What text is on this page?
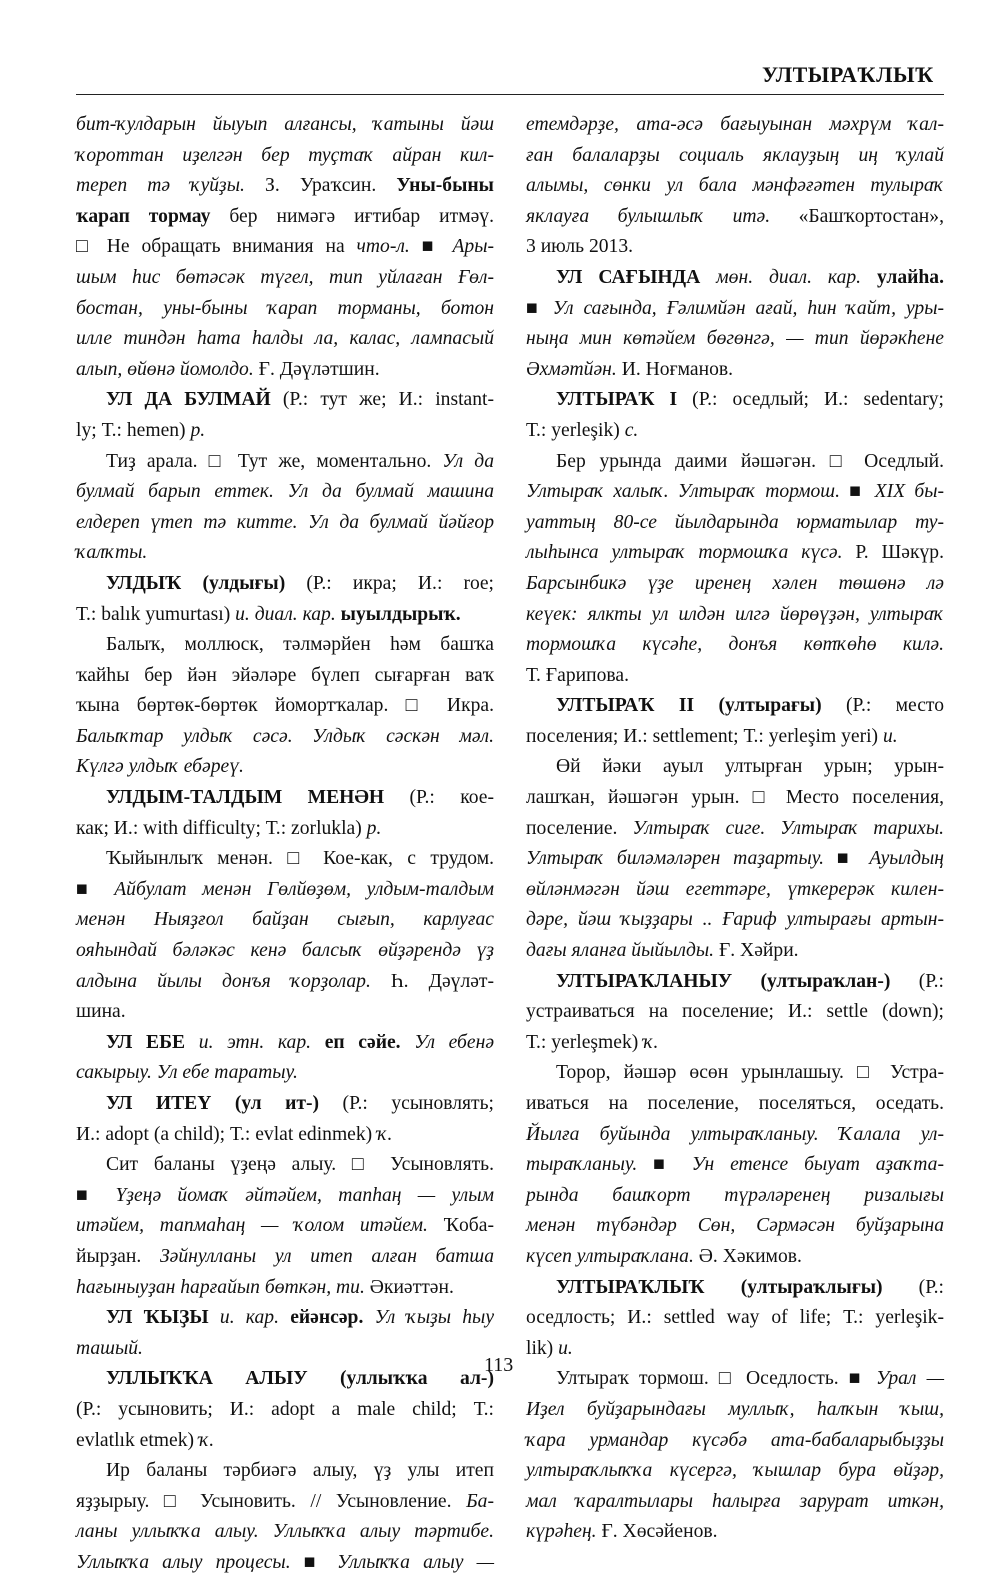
УЛТЫРАҠЛЫҠ
бит-ҡулдарын йыуып алғансы, ҡатыны йәш
ҡороттан иҙелгән бер туҫтаҡ айран кил-
тереп тә ҡуйҙы. З. Ураҡсин. Уны-быны
ҡарап тормау бер нимәгә иғтибар итмәү.
□ Не обращать внимания на что-л. ■ Ары-
шым һис бөтәсәк түгел, тип уйлаған Ғөл-
бостан, уны-быны ҡарап торманы, ботон
илле тиндән һата һалды ла, калас, лампасый
алып, өйөнә йомолдо. Ғ. Дәүләтшин.
УЛ ДА БУЛМАЙ (Р.: тут же; И.: instant-
ly; Т.: hemen) р.
Тиҙ арала. □ Тут же, моментально. Ул да
булмай барып еттек. Ул да булмай машина
елдереп үтеп тә китте. Ул да булмай йәйғор
ҡалҡты.
УЛДЫҠ (улдығы) (Р.: икра; И.: roe;
Т.: balık yumurtası) и. диал. кар. ыуылдырыҡ.
Балыҡ, моллюск, тәлмәрйен һәм башҡа
ҡайһы бер йән эйәләре бүлеп сығарған ваҡ
ҡына бөртөк-бөртөк йомортҡалар. □ Икра.
Балыҡтар улдыҡ сәсә. Улдыҡ сәскән мәл.
Күлгә улдыҡ ебәреү.
УЛДЫМ-ТАЛДЫМ МЕНӘН (Р.: кое-
как; И.: with difficulty; Т.: zorlukla) р.
Ҡыйынлыҡ менән. □ Кое-как, с трудом.
■ Айбулат менән Гөлйөҙөм, улдым-талдым
менән Ныяҙғол байҙан сығып, карлуғас
ояһындай бәләкәс кенә балсыҡ өйҙәрендә үҙ
алдына йылы донъя ҡорҙолар. Һ. Дәүләт-
шина.
УЛ ЕБЕ и. этн. кар. еп сәйе. Ул ебенә
сакырыу. Ул ебе таратыу.
УЛ ИТЕҮ (ул ит-) (Р.: усыновлять;
И.: adopt (a child); Т.: evlat edinmek) ҡ.
Сит баланы үҙеңә алыу. □ Усыновлять.
■ Үҙеңә йомаҡ әйтәйем, тапһаң — улым
итәйем, тапмаһаң — ҡолом итәйем. Ҡоба-
йырҙан. Зәйнулланы ул итеп алған батша
һағыныуҙан һарғайып бөткән, ти. Әкиәттән.
УЛ ҠЫҘЫ и. кар. ейәнсәр. Ул ҡыҙы һыу
ташый.
УЛЛЫҠҠА АЛЫУ (уллыҡҡа ал-)
(Р.: усыновить; И.: adopt a male child; Т.:
evlatlık etmek) ҡ.
Ир баланы тәрбиәгә алыу, үҙ улы итеп
яҙҙырыу. □ Усыновить. // Усыновление. Ба-
ланы уллыҡҡа алыу. Уллыҡҡа алыу тәртибе.
Уллыҡҡа алыу процесы. ■ Уллыҡҡа алыу —
етемдәрҙе, ата-әсә бағыуынан мәхрүм ҡал-
ған балаларҙы социаль яклауҙың иң ҡулай
алымы, сөнки ул бала мәнфәғәтен тулыраҡ
яклауға булышлыҡ итә. «Башҡортостан»,
3 июль 2013.
УЛ САҒЫНДА мөн. диал. кар. улайһа.
■ Ул сағында, Ғәлимйән ағай, һин ҡайт, уры-
ныңа мин көтәйем бөгөнгә, — тип йөрәкһене
Әхмәтйән. И. Ноғманов.
УЛТЫРАҠ I (Р.: оседлый; И.: sedentary;
Т.: yerleşik) с.
Бер урында даими йәшәгән. □ Оседлый.
Ултыраҡ халыҡ. Ултыраҡ тормош. ■ XIX бы-
уаттың 80-се йылдарында юрматылар ту-
лыһынса ултыраҡ тормошҡа күсә. Р. Шәкүр.
Барсынбикә үҙе иренең хәлен төшөнә лә
кеүек: ялкты ул илдән илгә йөрөүҙән, ултыраҡ
тормошҡа күсәһе, донъя көтҡөһө килә.
Т. Ғарипова.
УЛТЫРАҠ II (ултырағы) (Р.: место
поселения; И.: settlement; Т.: yerleşim yeri) и.
Өй йәки ауыл ултырған урын; урын-
лашҡан, йәшәгән урын. □ Место поселения,
поселение. Ултыраҡ сиге. Ултыраҡ тарихы.
Ултыраҡ биләмәләрен таҙартыу. ■ Ауылдың
өйләнмәгән йәш егеттәре, үткерерәк килен-
дәре, йәш ҡыҙҙары .. Ғариф ултырағы артын-
дағы яланға йыйылды. Ғ. Хәйри.
УЛТЫРАҠЛАНЫУ (ултыраҡлан-) (Р.:
устраиваться на поселение; И.: settle (down);
Т.: yerleşmek) ҡ.
Торор, йәшәр өсөн урынлашыу. □ Устра-
иваться на поселение, поселяться, оседать.
Йылға буйында ултыраҡланыу. Ҡалала ул-
тыраҡланыу. ■ Ун етенсе быуат аҙаҡта-
рында башҡорт түрәләренең ризалығы
менән түбәндәр Сөн, Сәрмәсән буйҙарына
күсеп ултыраҡлана. Ә. Хәкимов.
УЛТЫРАҠЛЫҠ (ултыраҡлығы) (Р.:
оседлость; И.: settled way of life; Т.: yerleşik-
lik) и.
Ултыраҡ тормош. □ Оседлость. ■ Урал —
Иҙел буйҙарындағы муллыҡ, һалҡын ҡыш,
ҡара урмандар күсәбә ата-бабаларыбыҙҙы
ултыраҡлыҡҡа күсергә, ҡышлар бура өйҙәр,
мал ҡаралтылары һалырға зарурат иткән,
күрәһең. Ғ. Хөсәйенов.
113
